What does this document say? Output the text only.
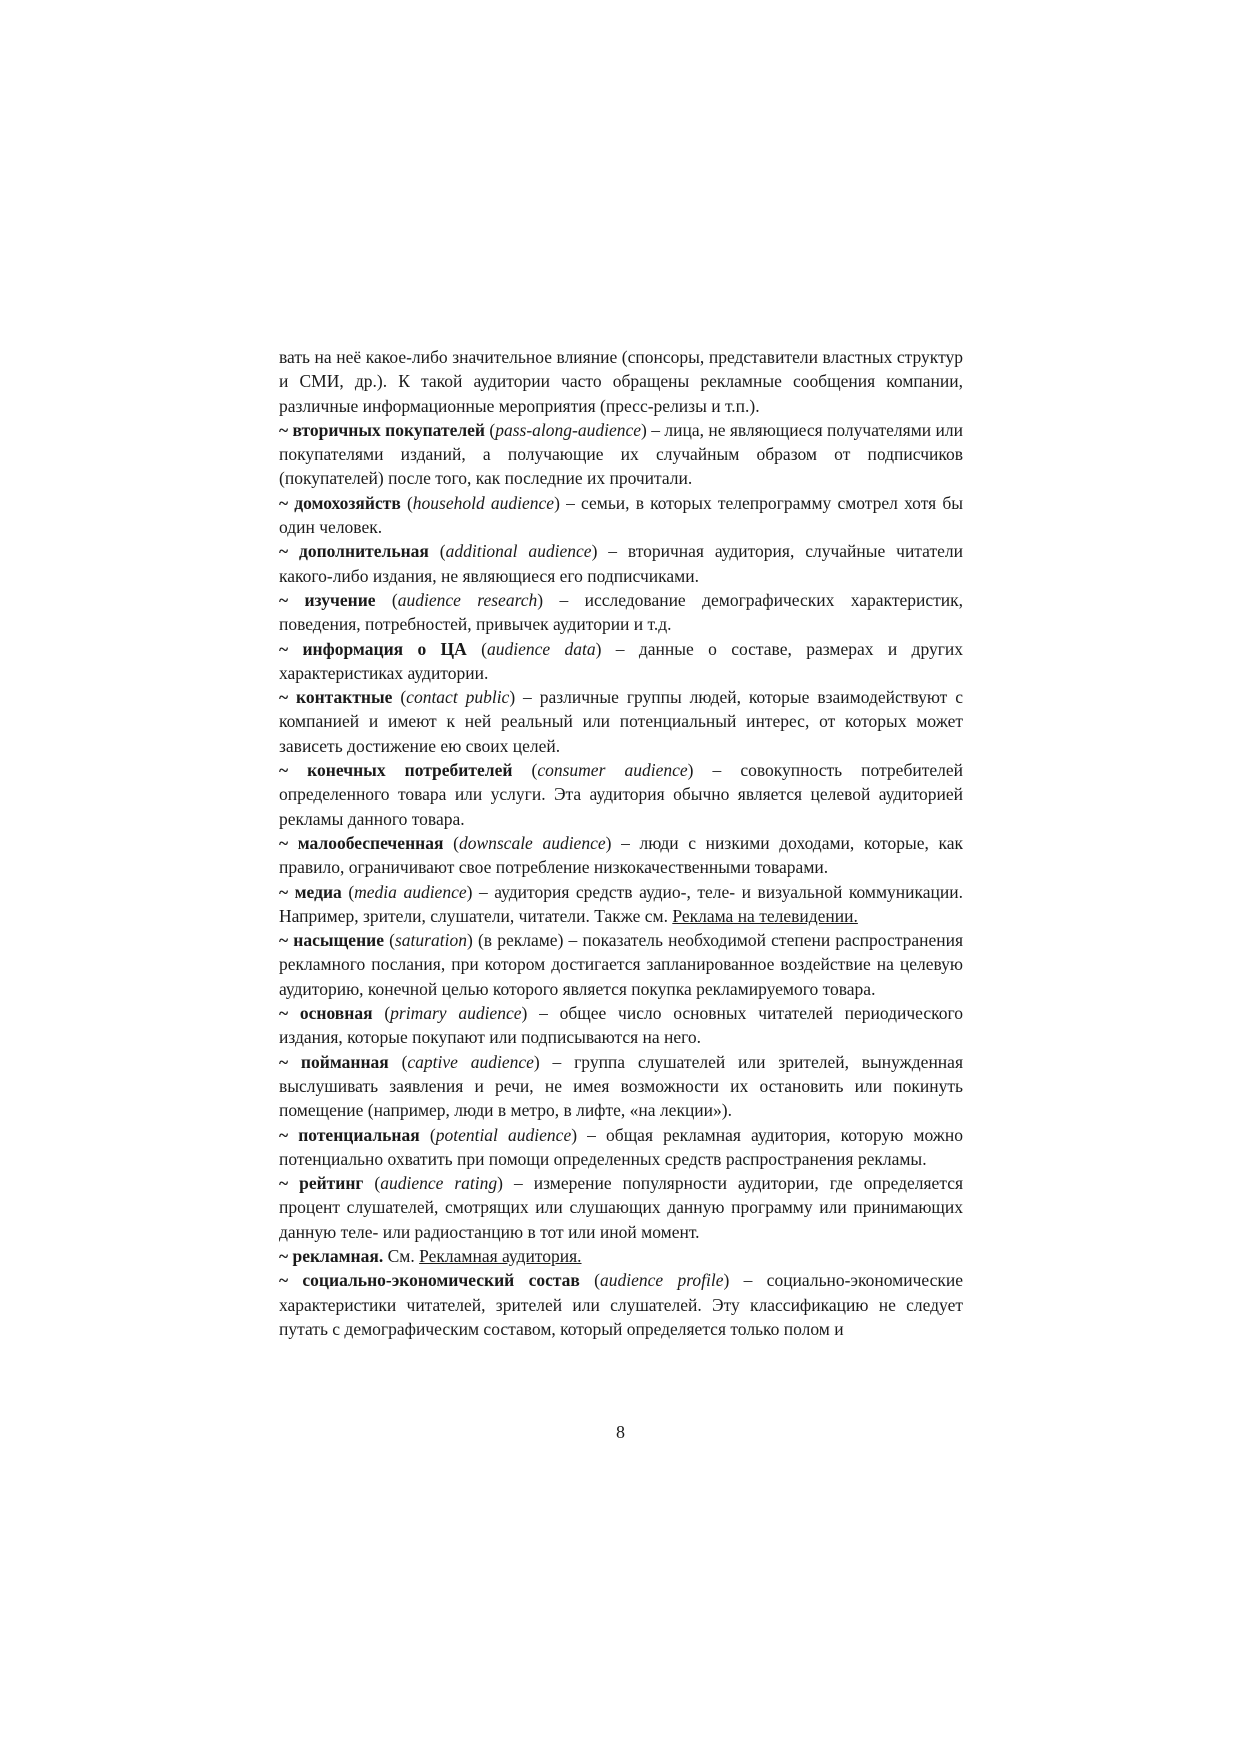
вать на неё какое-либо значительное влияние (спонсоры, представители властных структур и СМИ, др.). К такой аудитории часто обращены рекламные сообщения компании, различные информационные мероприятия (пресс-релизы и т.п.).

~ вторичных покупателей (pass-along-audience) – лица, не являющиеся получателями или покупателями изданий, а получающие их случайным образом от подписчиков (покупателей) после того, как последние их прочитали.

~ домохозяйств (household audience) – семьи, в которых телепрограмму смотрел хотя бы один человек.

~ дополнительная (additional audience) – вторичная аудитория, случайные читатели какого-либо издания, не являющиеся его подписчиками.

~ изучение (audience research) – исследование демографических характеристик, поведения, потребностей, привычек аудитории и т.д.

~ информация о ЦА (audience data) – данные о составе, размерах и других характеристиках аудитории.

~ контактные (contact public) – различные группы людей, которые взаимодействуют с компанией и имеют к ней реальный или потенциальный интерес, от которых может зависеть достижение ею своих целей.

~ конечных потребителей (consumer audience) – совокупность потребителей определенного товара или услуги. Эта аудитория обычно является целевой аудиторией рекламы данного товара.

~ малообеспеченная (downscale audience) – люди с низкими доходами, которые, как правило, ограничивают свое потребление низкокачественными товарами.

~ медиа (media audience) – аудитория средств аудио-, теле- и визуальной коммуникации. Например, зрители, слушатели, читатели. Также см. Реклама на телевидении.

~ насыщение (saturation) (в рекламе) – показатель необходимой степени распространения рекламного послания, при котором достигается запланированное воздействие на целевую аудиторию, конечной целью которого является покупка рекламируемого товара.

~ основная (primary audience) – общее число основных читателей периодического издания, которые покупают или подписываются на него.

~ пойманная (captive audience) – группа слушателей или зрителей, вынужденная выслушивать заявления и речи, не имея возможности их остановить или покинуть помещение (например, люди в метро, в лифте, «на лекции»).

~ потенциальная (potential audience) – общая рекламная аудитория, которую можно потенциально охватить при помощи определенных средств распространения рекламы.

~ рейтинг (audience rating) – измерение популярности аудитории, где определяется процент слушателей, смотрящих или слушающих данную программу или принимающих данную теле- или радиостанцию в тот или иной момент.

~ рекламная. См. Рекламная аудитория.

~ социально-экономический состав (audience profile) – социально-экономические характеристики читателей, зрителей или слушателей. Эту классификацию не следует путать с демографическим составом, который определяется только полом и

8
